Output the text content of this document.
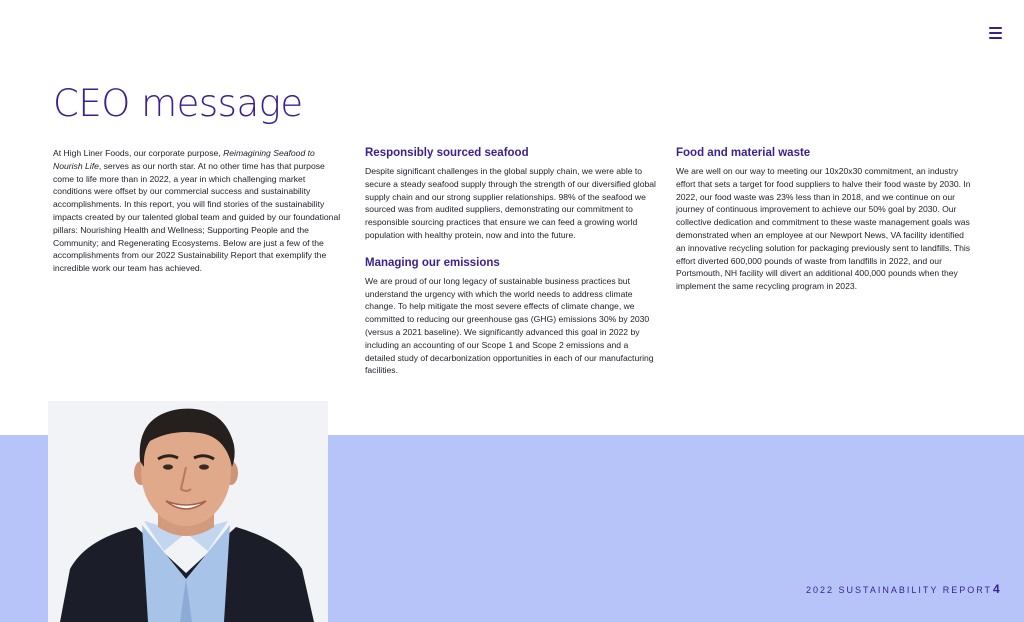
CEO message

At High Liner Foods, our corporate purpose, Reimagining Seafood to Nourish Life, serves as our north star. At no other time has that purpose come to life more than in 2022, a year in which challenging market conditions were offset by our commercial success and sustainability accomplishments. In this report, you will find stories of the sustainability impacts created by our talented global team and guided by our foundational pillars: Nourishing Health and Wellness; Supporting People and the Community; and Regenerating Ecosystems. Below are just a few of the accomplishments from our 2022 Sustainability Report that exemplify the incredible work our team has achieved.

Responsibly sourced seafood

Despite significant challenges in the global supply chain, we were able to secure a steady seafood supply through the strength of our diversified global supply chain and our strong supplier relationships. 98% of the seafood we sourced was from audited suppliers, demonstrating our commitment to responsible sourcing practices that ensure we can feed a growing world population with healthy protein, now and into the future.

Managing our emissions

We are proud of our long legacy of sustainable business practices but understand the urgency with which the world needs to address climate change. To help mitigate the most severe effects of climate change, we committed to reducing our greenhouse gas (GHG) emissions 30% by 2030 (versus a 2021 baseline). We significantly advanced this goal in 2022 by including an accounting of our Scope 1 and Scope 2 emissions and a detailed study of decarbonization opportunities in each of our manufacturing facilities.

Food and material waste

We are well on our way to meeting our 10x20x30 commitment, an industry effort that sets a target for food suppliers to halve their food waste by 2030. In 2022, our food waste was 23% less than in 2018, and we continue on our journey of continuous improvement to achieve our 50% goal by 2030. Our collective dedication and commitment to these waste management goals was demonstrated when an employee at our Newport News, VA facility identified an innovative recycling solution for packaging previously sent to landfills. This effort diverted 600,000 pounds of waste from landfills in 2022, and our Portsmouth, NH facility will divert an additional 400,000 pounds when they implement the same recycling program in 2023.

2022 SUSTAINABILITY REPORT 4
